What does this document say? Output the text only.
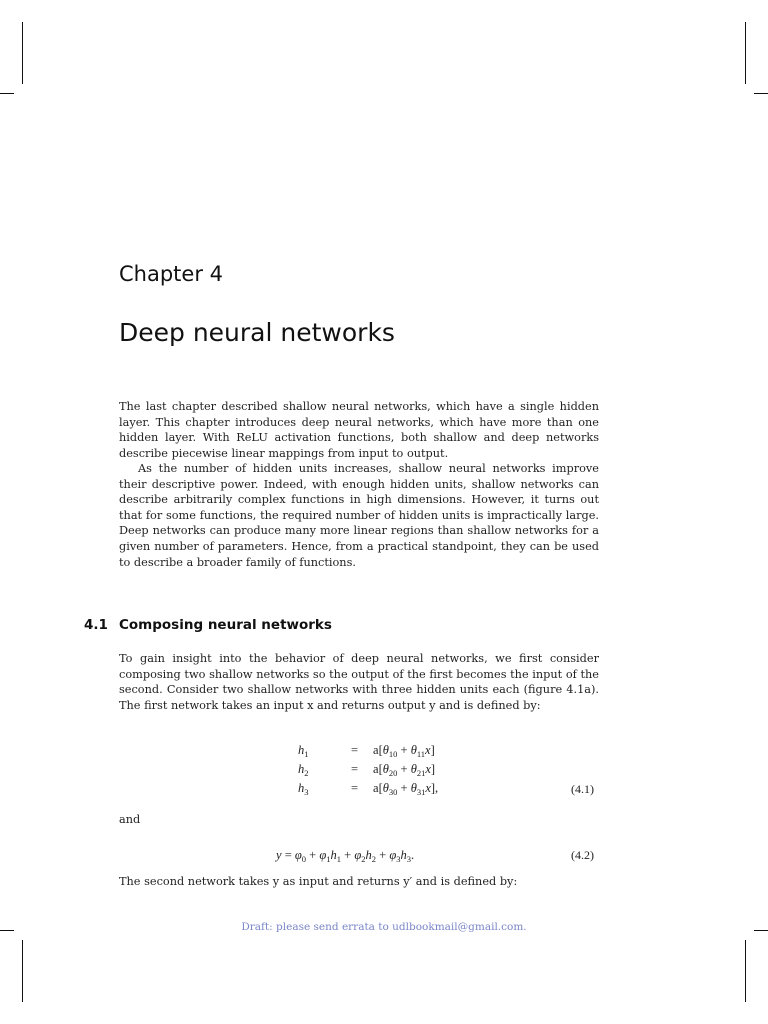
Chapter 4
Deep neural networks

The last chapter described shallow neural networks, which have a single hidden layer. This chapter introduces deep neural networks, which have more than one hidden layer. With ReLU activation functions, both shallow and deep networks describe piecewise linear mappings from input to output.

As the number of hidden units increases, shallow neural networks improve their descriptive power. Indeed, with enough hidden units, shallow networks can describe arbitrarily complex functions in high dimensions. However, it turns out that for some functions, the required number of hidden units is impractically large. Deep networks can produce many more linear regions than shallow networks for a given number of parameters. Hence, from a practical standpoint, they can be used to describe a broader family of functions.

4.1 Composing neural networks

To gain insight into the behavior of deep neural networks, we first consider composing two shallow networks so the output of the first becomes the input of the second. Consider two shallow networks with three hidden units each (figure 4.1a). The first network takes an input x and returns output y and is defined by:

$h_1$	= $a[\theta_{10} + \theta_{11}x]$
$h_2$	= $a[\theta_{20} + \theta_{21}x]$
$h_3$	= $a[\theta_{30} + \theta_{31}x]$,	(4.1)
and
$y = \varphi_0 + \varphi_1h_1 + \varphi_2h_2 + \varphi_3h_3$.	(4.2)

The second network takes y as input and returns y′ and is defined by:

Draft: please send errata to udlbookmail@gmail.com.
